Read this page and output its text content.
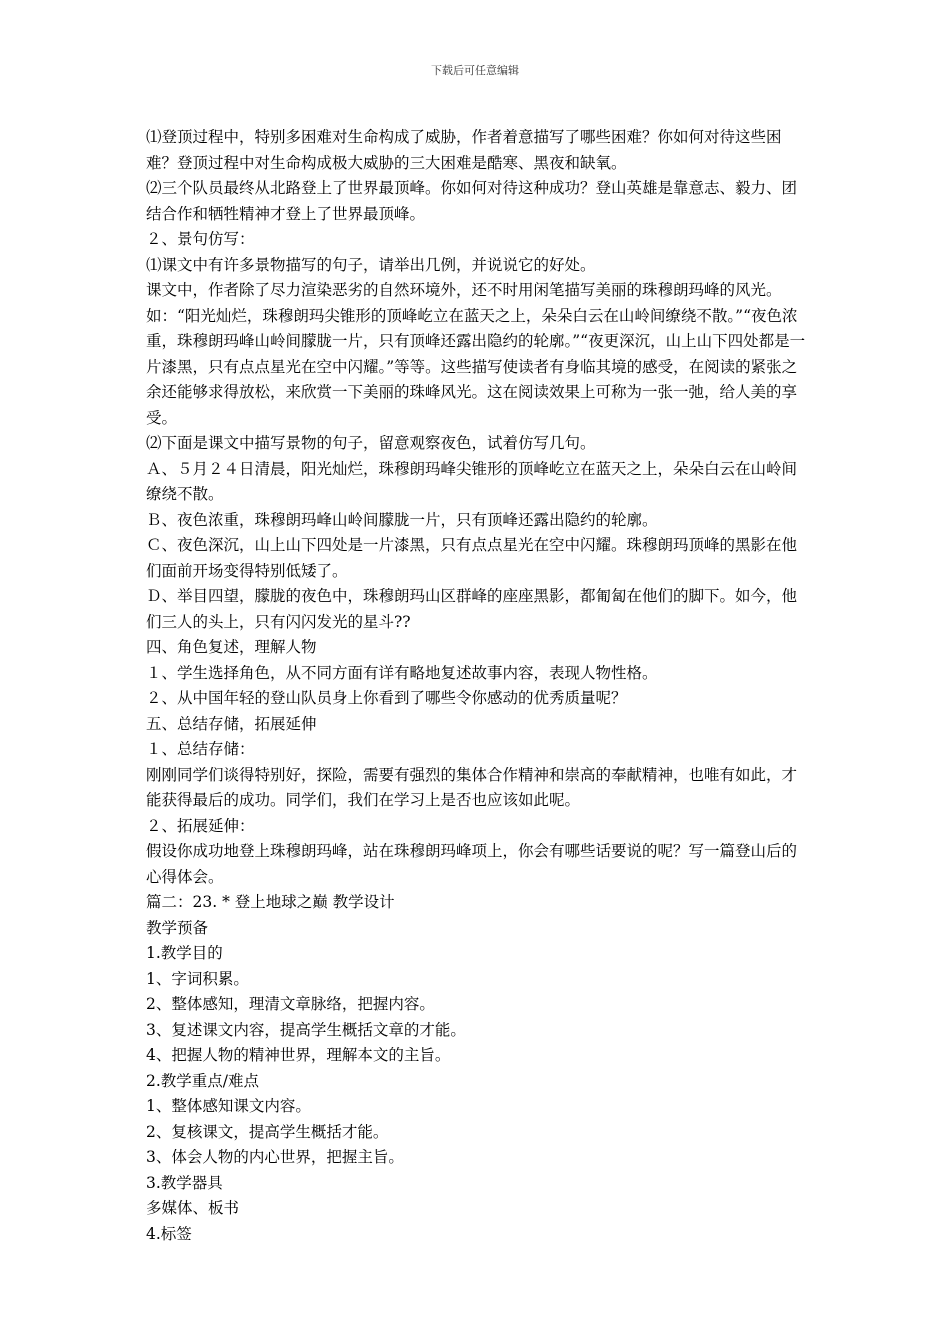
下载后可任意编辑

⑴登顶过程中，特别多困难对生命构成了威胁，作者着意描写了哪些困难？你如何对待这些困难？登顶过程中对生命构成极大威胁的三大困难是酷寒、黑夜和缺氧。

⑵三个队员最终从北路登上了世界最顶峰。你如何对待这种成功？登山英雄是靠意志、毅力、团结合作和牺牲精神才登上了世界最顶峰。

２、景句仿写：

⑴课文中有许多景物描写的句子，请举出几例，并说说它的好处。

课文中，作者除了尽力渲染恶劣的自然环境外，还不时用闲笔描写美丽的珠穆朗玛峰的风光。如：“阳光灿烂，珠穆朗玛尖锥形的顶峰屹立在蓝天之上，朵朵白云在山岭间缭绕不散。”“夜色浓重，珠穆朗玛峰山岭间朦胧一片，只有顶峰还露出隐约的轮廓。”“夜更深沉，山上山下四处都是一片漆黑，只有点点星光在空中闪耀。”等等。这些描写使读者有身临其境的感受，在阅读的紧张之余还能够求得放松，来欣赏一下美丽的珠峰风光。这在阅读效果上可称为一张一弛，给人美的享受。

⑵下面是课文中描写景物的句子，留意观察夜色，试着仿写几句。

Ａ、５月２４日清晨，阳光灿烂，珠穆朗玛峰尖锥形的顶峰屹立在蓝天之上，朵朵白云在山岭间缭绕不散。

Ｂ、夜色浓重，珠穆朗玛峰山岭间朦胧一片，只有顶峰还露出隐约的轮廓。

Ｃ、夜色深沉，山上山下四处是一片漆黑，只有点点星光在空中闪耀。珠穆朗玛顶峰的黑影在他们面前开场变得特别低矮了。

Ｄ、举目四望，朦胧的夜色中，珠穆朗玛山区群峰的座座黑影，都匍匐在他们的脚下。如今，他们三人的头上，只有闪闪发光的星斗??

四、角色复述，理解人物

１、学生选择角色，从不同方面有详有略地复述故事内容，表现人物性格。

２、从中国年轻的登山队员身上你看到了哪些令你感动的优秀质量呢？

五、总结存储，拓展延伸

１、总结存储：

刚刚同学们谈得特别好，探险，需要有强烈的集体合作精神和崇高的奉献精神，也唯有如此，才能获得最后的成功。同学们，我们在学习上是否也应该如此呢。

２、拓展延伸：

假设你成功地登上珠穆朗玛峰，站在珠穆朗玛峰项上，你会有哪些话要说的呢？写一篇登山后的心得体会。

篇二：23. * 登上地球之巅 教学设计

教学预备

1.教学目的

1、字词积累。

2、整体感知，理清文章脉络，把握内容。

3、复述课文内容，提高学生概括文章的才能。

4、把握人物的精神世界，理解本文的主旨。

2.教学重点/难点

1、整体感知课文内容。

2、复核课文，提高学生概括才能。

3、体会人物的内心世界，把握主旨。

3.教学器具

多媒体、板书

4.标签
